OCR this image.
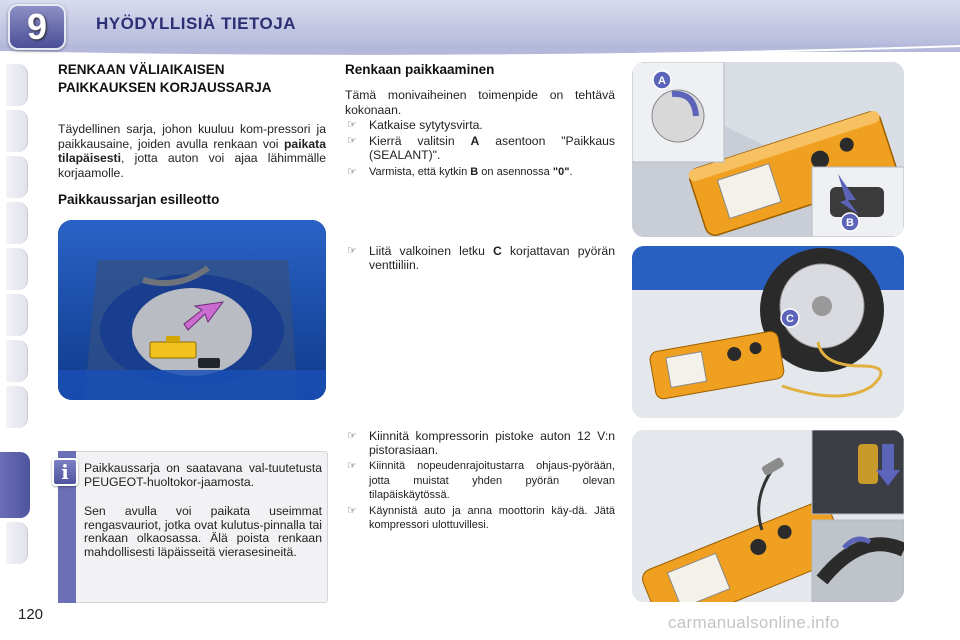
9	HYÖDYLLISIÄ TIETOJA
RENKAAN VÄLIAIKAISEN PAIKKAUKSEN KORJAUSSARJA

Täydellinen sarja, johon kuuluu kom-pressori ja paikkausaine, joiden avulla renkaan voi paikata tilapäisesti, jotta auton voi ajaa lähimmälle korjaamolle.

Paikkaussarjan esilleotto
i Paikkaussarja on saatavana val-tuutetusta PEUGEOT-huoltokor-jaamosta.

Sen avulla voi paikata useimmat rengasvauriot, jotka ovat kulutus-pinnalla tai renkaan olkaosassa. Älä poista renkaan mahdollisesti läpäisseitä vierasesineitä.

Renkaan paikkaaminen

Tämä monivaiheinen toimenpide on tehtävä kokonaan.

☞ Katkaise sytytysvirta.
☞ Kierrä valitsin A asentoon "Paikkaus (SEALANT)".
☞ Varmista, että kytkin B on asennossa "0".
☞ Liitä valkoinen letku C korjattavan pyörän venttiiliin.
☞ Kiinnitä kompressorin pistoke auton 12 V:n pistorasiaan.
☞ Kiinnitä nopeudenrajoitustarra ohjaus-pyörään, jotta muistat yhden pyörän olevan tilapäiskäytössä.
☞ Käynnistä auto ja anna moottorin käy-dä. Jätä kompressori ulottuvillesi.
A
B
C
120	carmanualsonline.info
